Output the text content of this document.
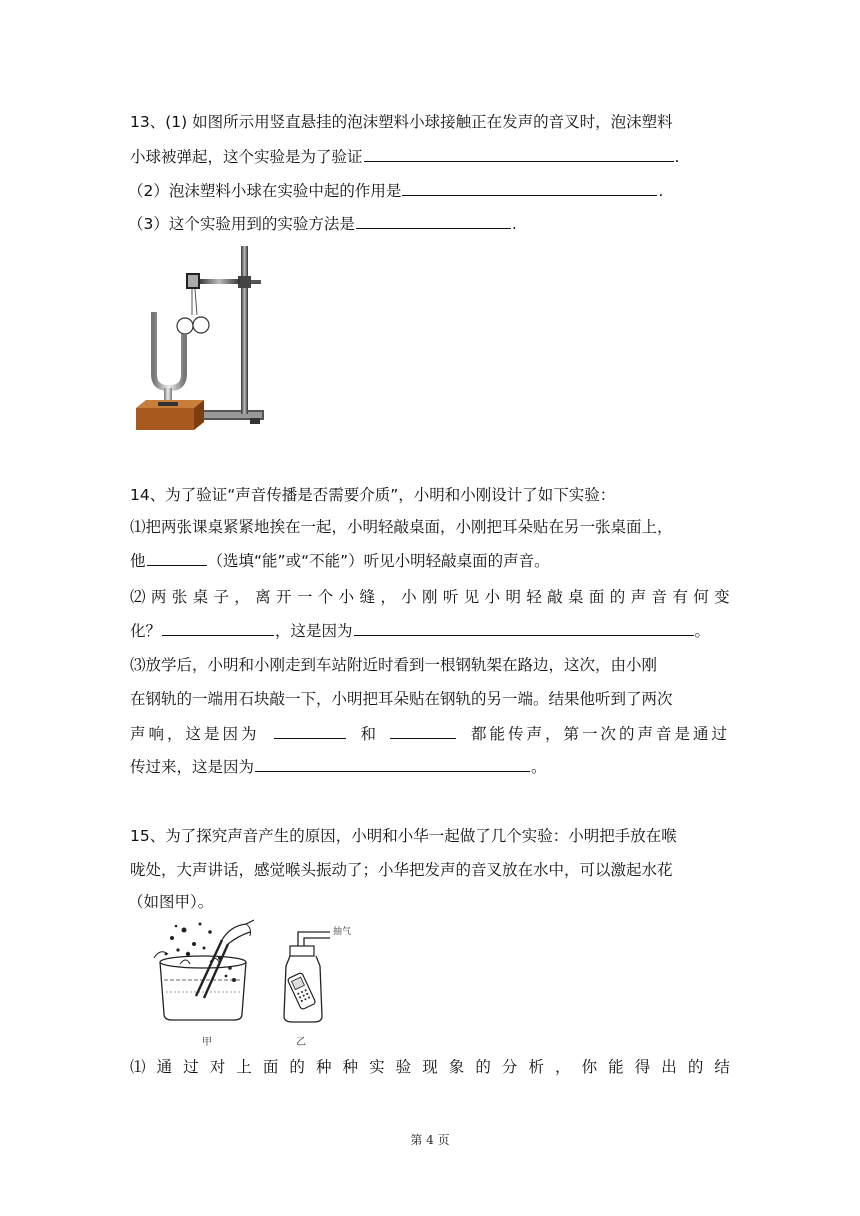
13、(1) 如图所示用竖直悬挂的泡沫塑料小球接触正在发声的音叉时，泡沫塑料
小球被弹起，这个实验是为了验证	.
（2）泡沫塑料小球在实验中起的作用是	.
（3）这个实验用到的实验方法是	.
14、为了验证“声音传播是否需要介质”，小明和小刚设计了如下实验：
⑴把两张课桌紧紧地挨在一起，小明轻敲桌面，小刚把耳朵贴在另一张桌面上，
他	（选填“能”或“不能”）听见小明轻敲桌面的声音。
⑵ 两 张 桌 子 ， 离 开 一 个 小 缝 ， 小 刚 听 见 小 明 轻 敲 桌 面 的 声 音 有 何 变
化？	，这是因为	。
⑶放学后，小明和小刚走到车站附近时看到一根钢轨架在路边，这次，由小刚
在钢轨的一端用石块敲一下，小明把耳朵贴在钢轨的另一端。结果他听到了两次
声响，这是因为	和	都能传声，第一次的声音是通过
传过来，这是因为	。
15、为了探究声音产生的原因，小明和小华一起做了几个实验：小明把手放在喉
咙处，大声讲话，感觉喉头振动了；小华把发声的音叉放在水中，可以激起水花
（如图甲）。
甲
抽气
乙
⑴ 通 过 对 上 面 的 种 种 实 验 现 象 的 分 析 ， 你 能 得 出 的 结
第 4 页
